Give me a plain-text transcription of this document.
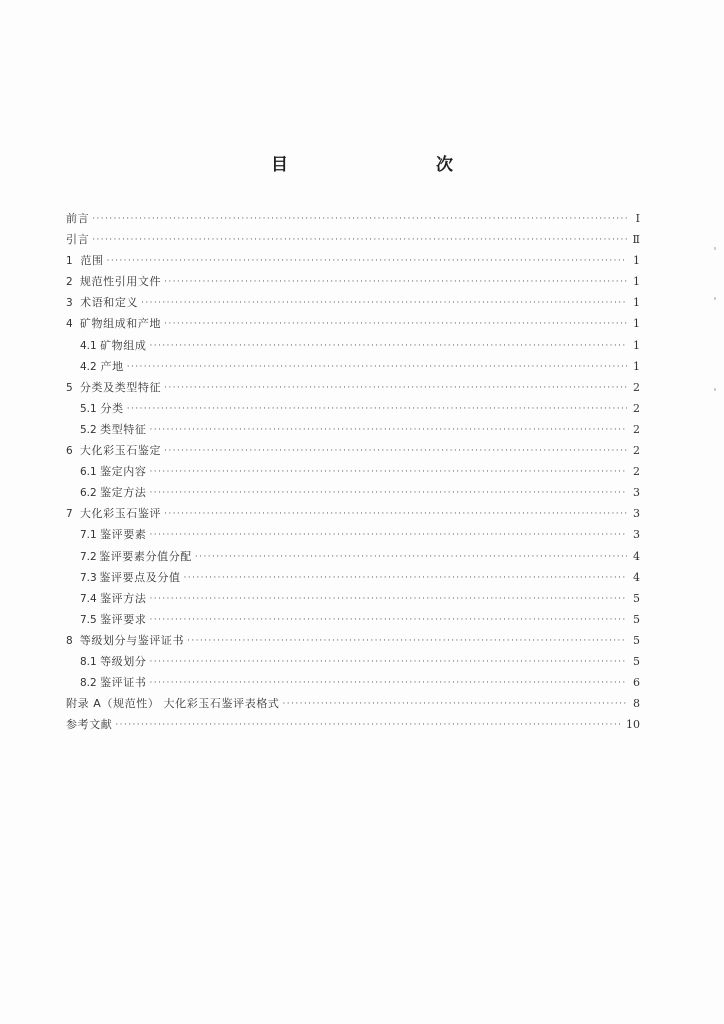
目　　次
前言 ·····	Ⅰ
引言 ·····	Ⅱ
1 范围 ·····	1
2 规范性引用文件 ·····	1
3 术语和定义 ·····	1
4 矿物组成和产地 ·····	1
4.1 矿物组成 ·····	1
4.2 产地 ·····	1
5 分类及类型特征 ·····	2
5.1 分类 ·····	2
5.2 类型特征 ·····	2
6 大化彩玉石鉴定 ·····	2
6.1 鉴定内容 ·····	2
6.2 鉴定方法 ·····	3
7 大化彩玉石鉴评 ·····	3
7.1 鉴评要素 ·····	3
7.2 鉴评要素分值分配 ·····	4
7.3 鉴评要点及分值 ·····	4
7.4 鉴评方法 ·····	5
7.5 鉴评要求 ·····	5
8 等级划分与鉴评证书 ·····	5
8.1 等级划分 ·····	5
8.2 鉴评证书 ·····	6
附录 A（规范性） 大化彩玉石鉴评表格式 ·····	8
参考文献 ·····	10
